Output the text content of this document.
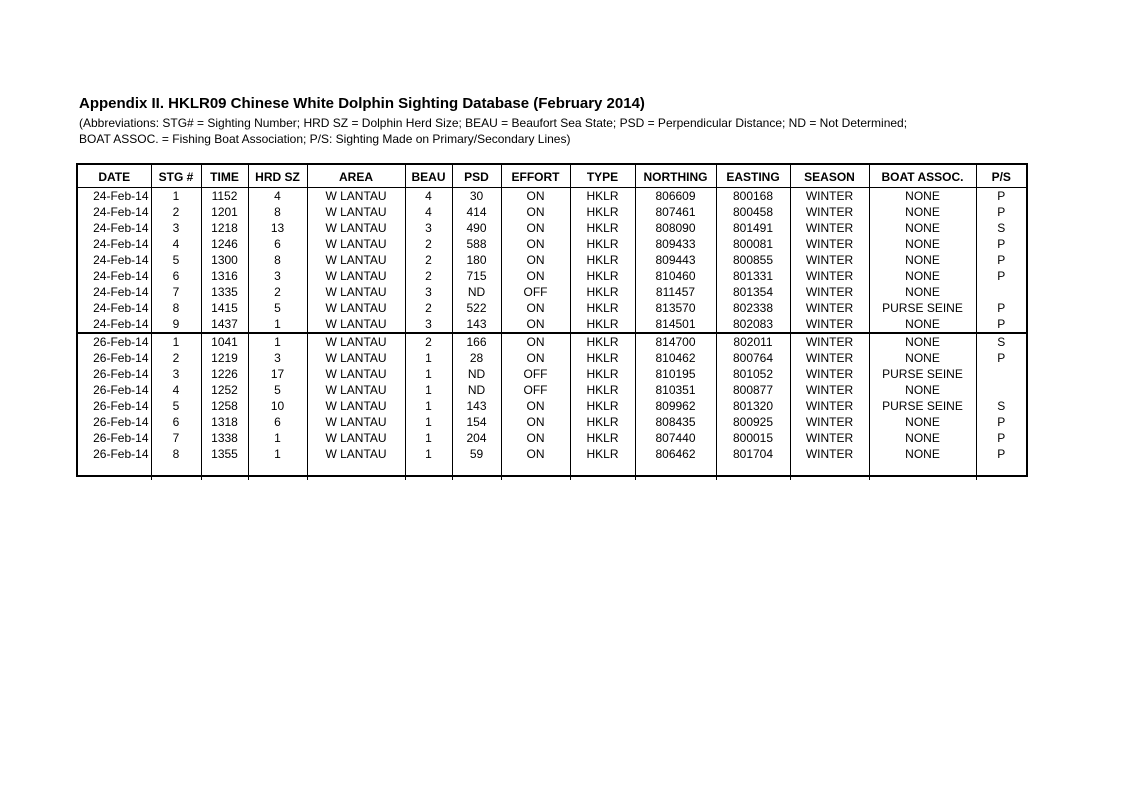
Appendix II. HKLR09 Chinese White Dolphin Sighting Database (February 2014)
(Abbreviations: STG# = Sighting Number; HRD SZ = Dolphin Herd Size; BEAU = Beaufort Sea State; PSD = Perpendicular Distance; ND = Not Determined;
BOAT ASSOC. = Fishing Boat Association; P/S: Sighting Made on Primary/Secondary Lines)
DATE	STG #	TIME	HRD SZ	AREA	BEAU	PSD	EFFORT	TYPE	NORTHING	EASTING	SEASON	BOAT ASSOC.	P/S
24-Feb-14	1	1152	4	W LANTAU	4	30	ON	HKLR	806609	800168	WINTER	NONE	P
24-Feb-14	2	1201	8	W LANTAU	4	414	ON	HKLR	807461	800458	WINTER	NONE	P
24-Feb-14	3	1218	13	W LANTAU	3	490	ON	HKLR	808090	801491	WINTER	NONE	S
24-Feb-14	4	1246	6	W LANTAU	2	588	ON	HKLR	809433	800081	WINTER	NONE	P
24-Feb-14	5	1300	8	W LANTAU	2	180	ON	HKLR	809443	800855	WINTER	NONE	P
24-Feb-14	6	1316	3	W LANTAU	2	715	ON	HKLR	810460	801331	WINTER	NONE	P
24-Feb-14	7	1335	2	W LANTAU	3	ND	OFF	HKLR	811457	801354	WINTER	NONE	
24-Feb-14	8	1415	5	W LANTAU	2	522	ON	HKLR	813570	802338	WINTER	PURSE SEINE	P
24-Feb-14	9	1437	1	W LANTAU	3	143	ON	HKLR	814501	802083	WINTER	NONE	P
26-Feb-14	1	1041	1	W LANTAU	2	166	ON	HKLR	814700	802011	WINTER	NONE	S
26-Feb-14	2	1219	3	W LANTAU	1	28	ON	HKLR	810462	800764	WINTER	NONE	P
26-Feb-14	3	1226	17	W LANTAU	1	ND	OFF	HKLR	810195	801052	WINTER	PURSE SEINE	
26-Feb-14	4	1252	5	W LANTAU	1	ND	OFF	HKLR	810351	800877	WINTER	NONE	
26-Feb-14	5	1258	10	W LANTAU	1	143	ON	HKLR	809962	801320	WINTER	PURSE SEINE	S
26-Feb-14	6	1318	6	W LANTAU	1	154	ON	HKLR	808435	800925	WINTER	NONE	P
26-Feb-14	7	1338	1	W LANTAU	1	204	ON	HKLR	807440	800015	WINTER	NONE	P
26-Feb-14	8	1355	1	W LANTAU	1	59	ON	HKLR	806462	801704	WINTER	NONE	P
